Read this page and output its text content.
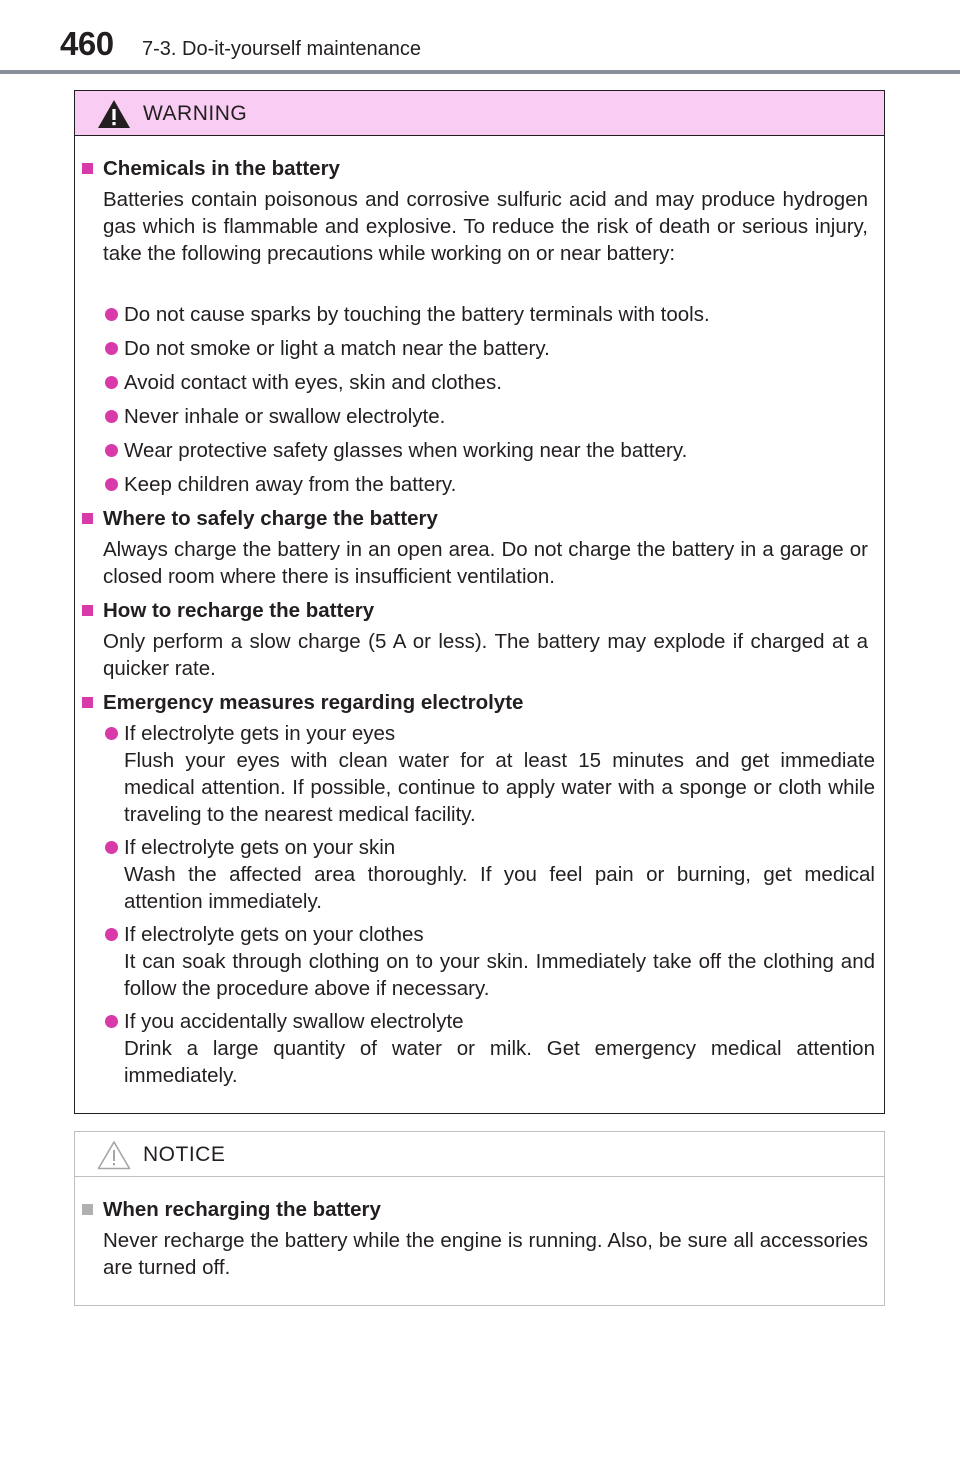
460 7-3. Do-it-yourself maintenance
WARNING
Chemicals in the battery
Batteries contain poisonous and corrosive sulfuric acid and may produce hydrogen gas which is flammable and explosive. To reduce the risk of death or serious injury, take the following precautions while working on or near battery:
Do not cause sparks by touching the battery terminals with tools.
Do not smoke or light a match near the battery.
Avoid contact with eyes, skin and clothes.
Never inhale or swallow electrolyte.
Wear protective safety glasses when working near the battery.
Keep children away from the battery.
Where to safely charge the battery
Always charge the battery in an open area. Do not charge the battery in a garage or closed room where there is insufficient ventilation.
How to recharge the battery
Only perform a slow charge (5 A or less). The battery may explode if charged at a quicker rate.
Emergency measures regarding electrolyte
If electrolyte gets in your eyes
Flush your eyes with clean water for at least 15 minutes and get immediate medical attention. If possible, continue to apply water with a sponge or cloth while traveling to the nearest medical facility.
If electrolyte gets on your skin
Wash the affected area thoroughly. If you feel pain or burning, get medical attention immediately.
If electrolyte gets on your clothes
It can soak through clothing on to your skin. Immediately take off the clothing and follow the procedure above if necessary.
If you accidentally swallow electrolyte
Drink a large quantity of water or milk. Get emergency medical attention immediately.
NOTICE
When recharging the battery
Never recharge the battery while the engine is running. Also, be sure all accessories are turned off.
